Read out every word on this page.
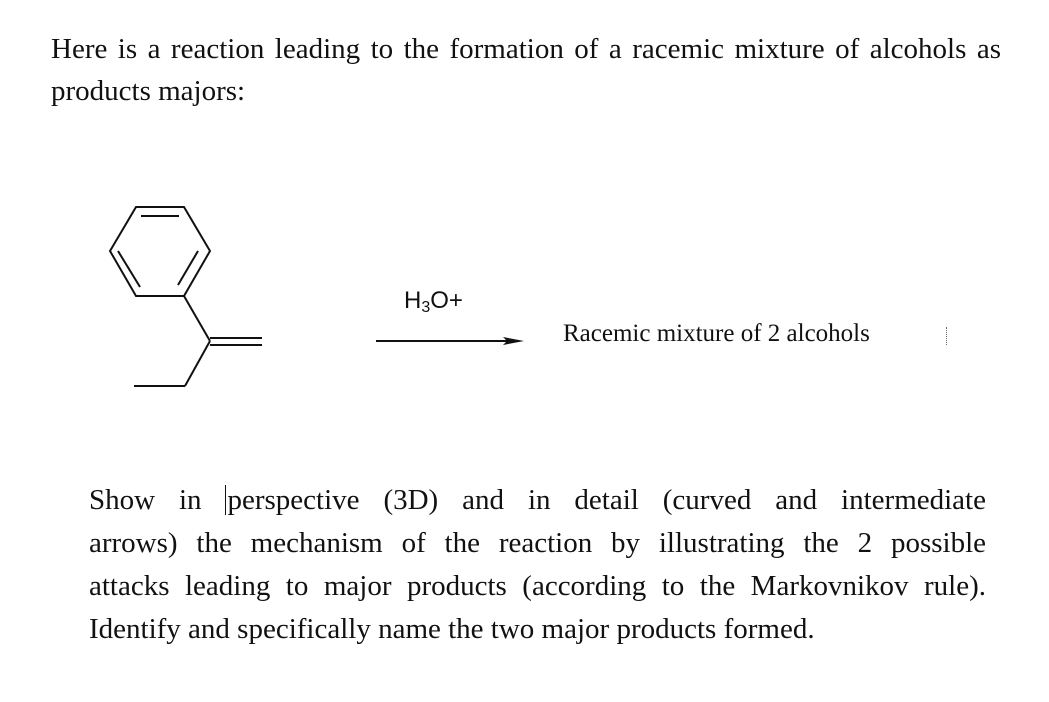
Here is a reaction leading to the formation of a racemic mixture of alcohols as products majors:

$H_3O+$

Racemic mixture of 2 alcohols

Show in perspective (3D) and in detail (curved and intermediate
arrows) the mechanism of the reaction by illustrating the 2 possible
attacks leading to major products (according to the Markovnikov rule).
Identify and specifically name the two major products formed.
